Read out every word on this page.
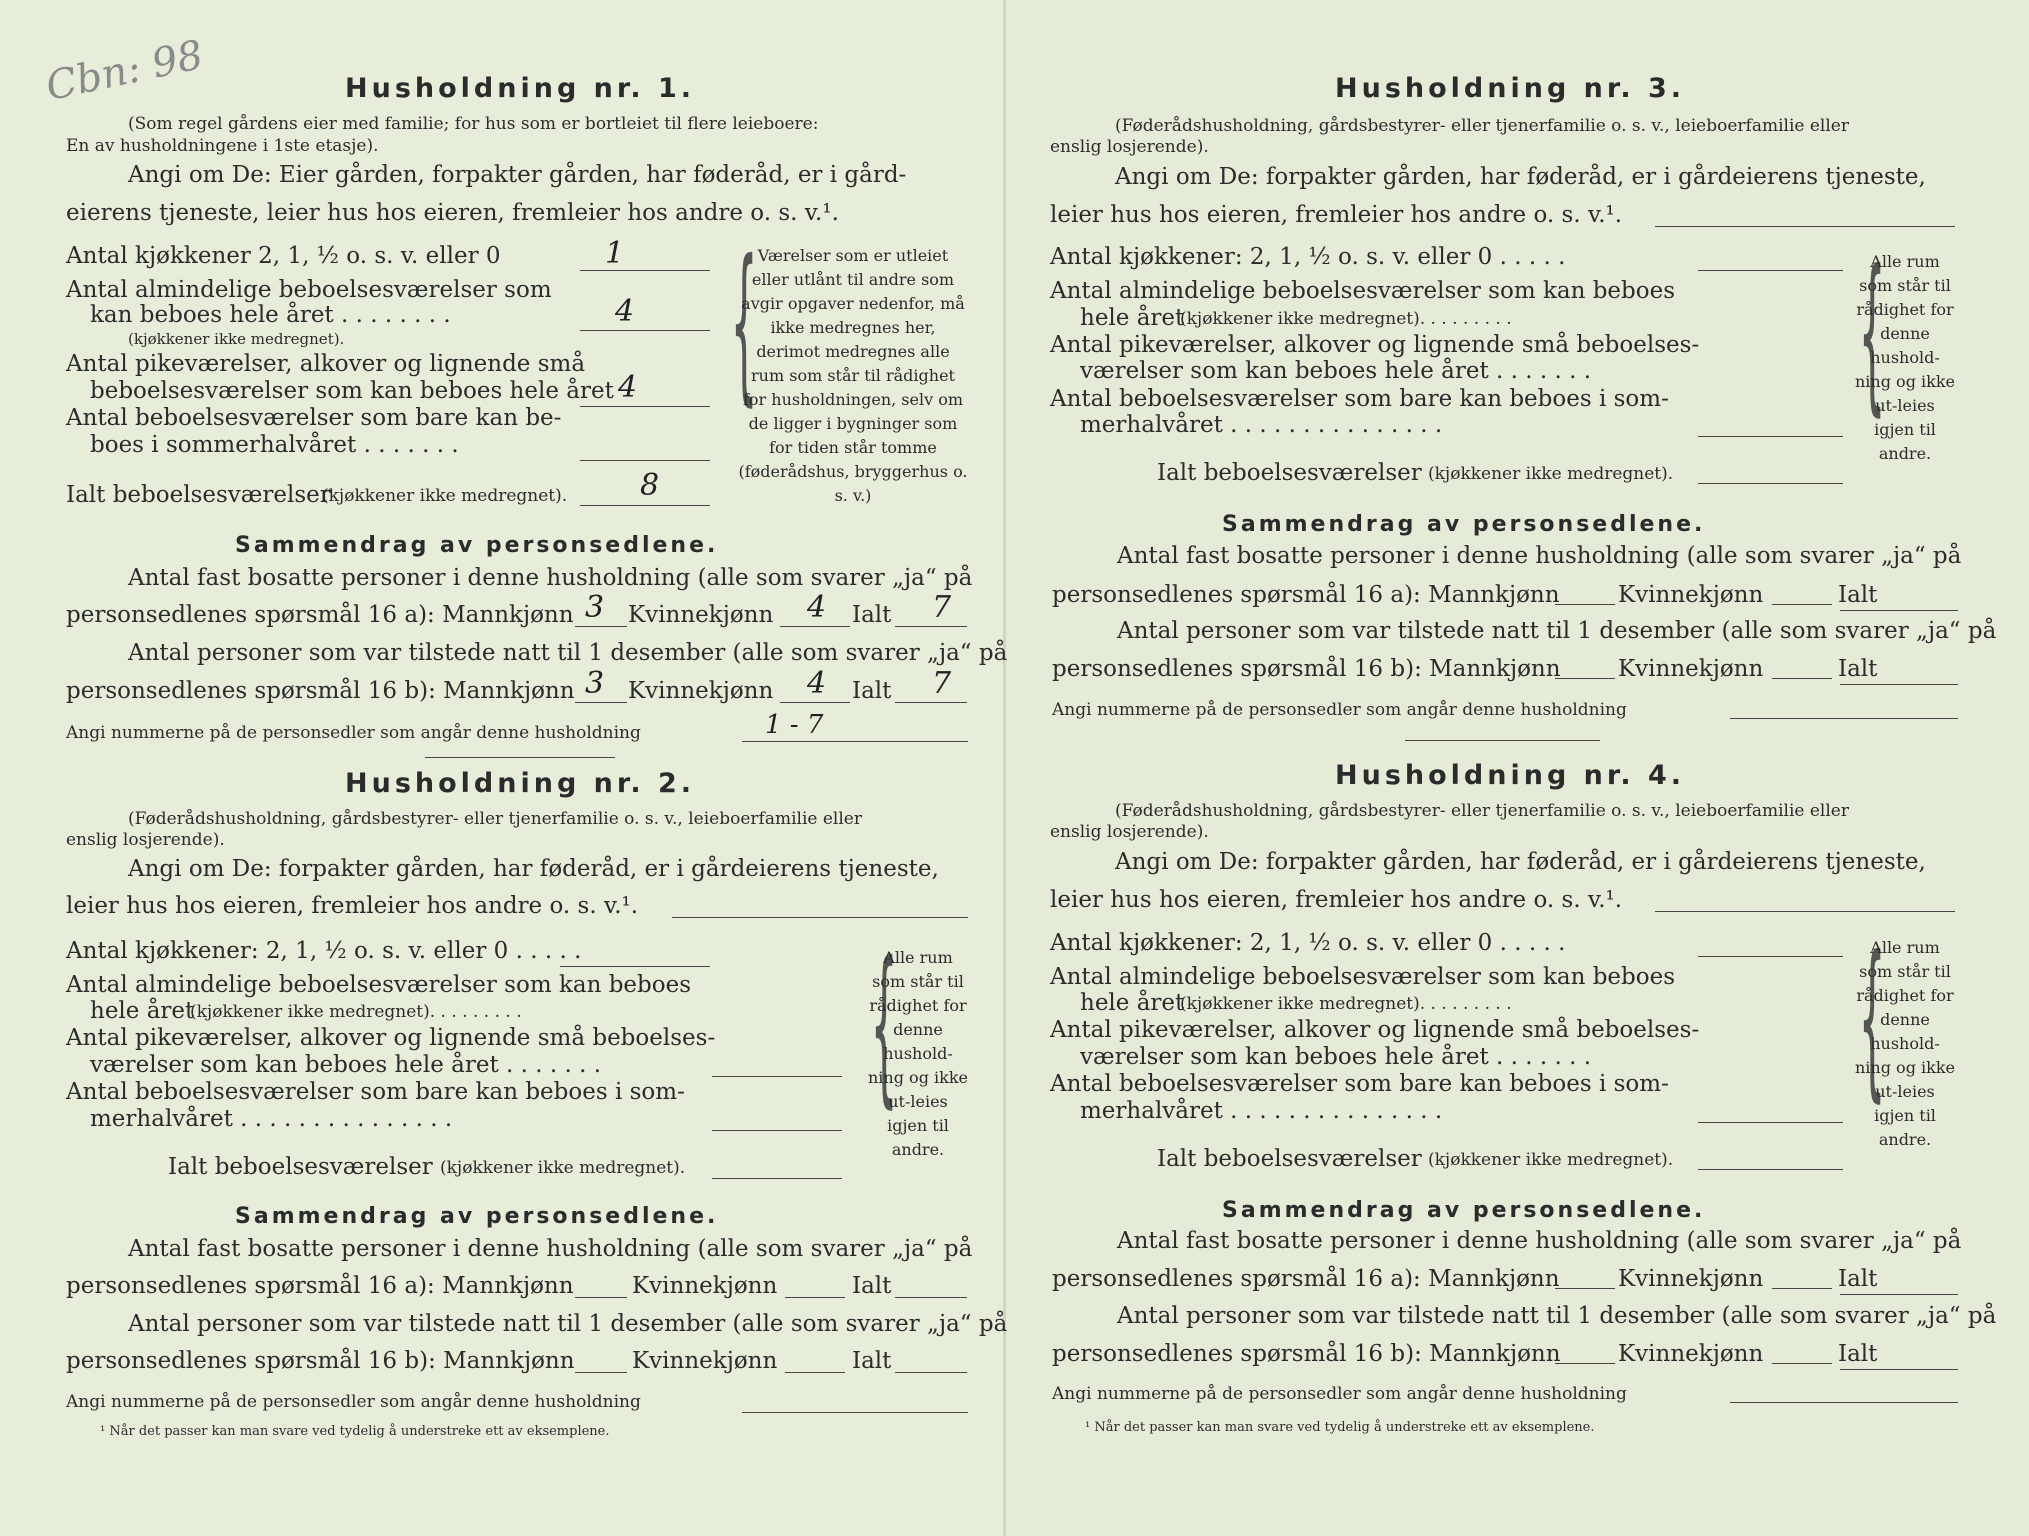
Cbn: 98	Husholdning nr. 1.
(Som regel gårdens eier med familie; for hus som er bortleiet til flere leieboere:
En av husholdningene i 1ste etasje).
Angi om De: Eier gården, forpakter gården, har føderåd, er i gård-
eierens tjeneste, leier hus hos eieren, fremleier hos andre o. s. v.¹.
Antal kjøkkener 2, 1, ½ o. s. v. eller 0	1
Antal almindelige beboelsesværelser som
kan beboes hele året . . . . . . . .
(kjøkkener ikke medregnet).
4
Antal pikeværelser, alkover og lignende små
beboelsesværelser som kan beboes hele året 4
Antal beboelsesværelser som bare kan be-
boes i sommerhalvåret . . . . . . .
Ialt beboelsesværelser
(kjøkkener ikke medregnet). 8
{ Værelser som er utleiet eller utlånt til andre som avgir opgaver nedenfor, må ikke medregnes her, derimot medregnes alle rum som står til rådighet for husholdningen, selv om de ligger i bygninger som for tiden står tomme (føderådshus, bryggerhus o. s. v.)
Sammendrag av personsedlene.
Antal fast bosatte personer i denne husholdning (alle som svarer „ja“ på
personsedlenes spørsmål 16 a): Mannkjønn 3 Kvinnekjønn 4 Ialt 7
Antal personer som var tilstede natt til 1 desember (alle som svarer „ja“ på
personsedlenes spørsmål 16 b): Mannkjønn 3 Kvinnekjønn 4 Ialt 7
Angi nummerne på de personsedler som angår denne husholdning	1 - 7
Husholdning nr. 2.
(Føderådshusholdning, gårdsbestyrer- eller tjenerfamilie o. s. v., leieboerfamilie eller
enslig losjerende).
Angi om De: forpakter gården, har føderåd, er i gårdeierens tjeneste,
leier hus hos eieren, fremleier hos andre o. s. v.¹.
Antal kjøkkener: 2, 1, ½ o. s. v. eller 0 . . . . .
Antal almindelige beboelsesværelser som kan beboes
hele året
(kjøkkener ikke medregnet). . . . . . . . .
Antal pikeværelser, alkover og lignende små beboelses-
værelser som kan beboes hele året . . . . . . .
Antal beboelsesværelser som bare kan beboes i som-
merhalvåret . . . . . . . . . . . . . . .
Ialt beboelsesværelser (kjøkkener ikke medregnet).
{
Alle rum som står til rådighet for denne hushold-ning og ikke ut-leies igjen til andre.
Sammendrag av personsedlene.
Antal fast bosatte personer i denne husholdning (alle som svarer „ja“ på
personsedlenes spørsmål 16 a): Mannkjønn	Kvinnekjønn	Ialt
Antal personer som var tilstede natt til 1 desember (alle som svarer „ja“ på
personsedlenes spørsmål 16 b): Mannkjønn Kvinnekjønn	Ialt
Angi nummerne på de personsedler som angår denne husholdning
¹ Når det passer kan man svare ved tydelig å understreke ett av eksemplene.
Husholdning nr. 3.
(Føderådshusholdning, gårdsbestyrer- eller tjenerfamilie o. s. v., leieboerfamilie eller
enslig losjerende).
Angi om De: forpakter gården, har føderåd, er i gårdeierens tjeneste,
leier hus hos eieren, fremleier hos andre o. s. v.¹.
Antal kjøkkener: 2, 1, ½ o. s. v. eller 0 . . . . .
Antal almindelige beboelsesværelser som kan beboes
hele året
(kjøkkener ikke medregnet). . . . . . . . .
Antal pikeværelser, alkover og lignende små beboelses-
værelser som kan beboes hele året . . . . . . .
Antal beboelsesværelser som bare kan beboes i som-
merhalvåret . . . . . . . . . . . . . . .
Ialt beboelsesværelser (kjøkkener ikke medregnet).
{
Alle rum som står til rådighet for denne hushold-ning og ikke ut-leies igjen til andre.
Sammendrag av personsedlene.
Antal fast bosatte personer i denne husholdning (alle som svarer „ja“ på
personsedlenes spørsmål 16 a): Mannkjønn	Kvinnekjønn	Ialt
Antal personer som var tilstede natt til 1 desember (alle som svarer „ja“ på
personsedlenes spørsmål 16 b): Mannkjønn Kvinnekjønn	Ialt
Angi nummerne på de personsedler som angår denne husholdning
Husholdning nr. 4.
(Føderådshusholdning, gårdsbestyrer- eller tjenerfamilie o. s. v., leieboerfamilie eller
enslig losjerende).
Angi om De: forpakter gården, har føderåd, er i gårdeierens tjeneste,
leier hus hos eieren, fremleier hos andre o. s. v.¹.
Antal kjøkkener: 2, 1, ½ o. s. v. eller 0 . . . . .
Antal almindelige beboelsesværelser som kan beboes
hele året
(kjøkkener ikke medregnet). . . . . . . . .
Antal pikeværelser, alkover og lignende små beboelses-
værelser som kan beboes hele året . . . . . . .
Antal beboelsesværelser som bare kan beboes i som-
merhalvåret . . . . . . . . . . . . . . .
Ialt beboelsesværelser (kjøkkener ikke medregnet).
{
Alle rum som står til rådighet for denne hushold-ning og ikke ut-leies igjen til andre.
Sammendrag av personsedlene.
Antal fast bosatte personer i denne husholdning (alle som svarer „ja“ på
personsedlenes spørsmål 16 a): Mannkjønn	Kvinnekjønn	Ialt
Antal personer som var tilstede natt til 1 desember (alle som svarer „ja“ på
personsedlenes spørsmål 16 b): Mannkjønn Kvinnekjønn	Ialt
Angi nummerne på de personsedler som angår denne husholdning
¹ Når det passer kan man svare ved tydelig å understreke ett av eksemplene.
